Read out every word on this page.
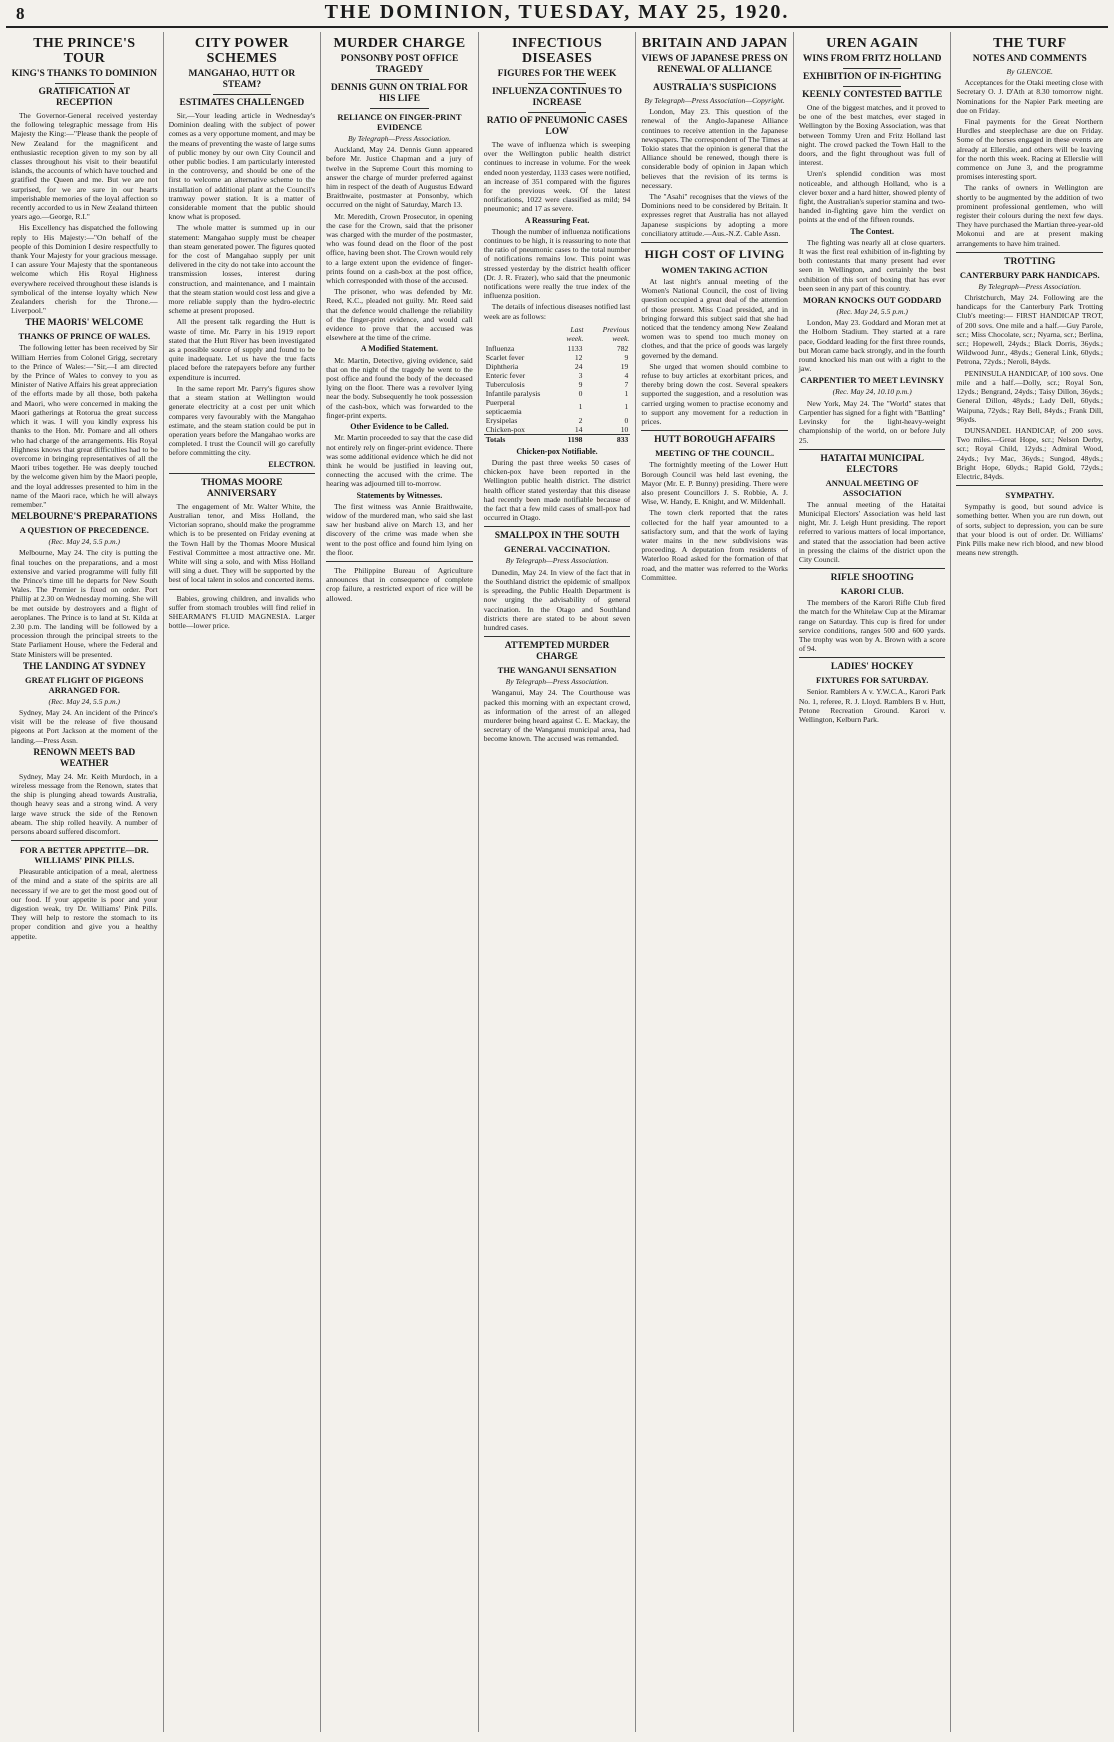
8	THE DOMINION, TUESDAY, MAY 25, 1920.
THE PRINCE'S TOUR
KING'S THANKS TO DOMINION
GRATIFICATION AT RECEPTION

The Governor-General received yesterday the following telegraphic message from His Majesty the King:—"Please thank the people of New Zealand for the magnificent and enthusiastic reception given to my son by all classes throughout his visit to their beautiful islands, the accounts of which have touched and gratified the Queen and me. But we are not surprised, for we are sure in our hearts imperishable memories of the loyal affection so recently accorded to us in New Zealand thirteen years ago.—George, R.I."

His Excellency has dispatched the following reply to His Majesty:—"On behalf of the people of this Dominion I desire respectfully to thank Your Majesty for your gracious message. I can assure Your Majesty that the spontaneous welcome which His Royal Highness everywhere received throughout these islands is symbolical of the intense loyalty which New Zealanders cherish for the Throne.—Liverpool."

THE MAORIS' WELCOME
THANKS OF PRINCE OF WALES.

The following letter has been received by Sir William Herries from Colonel Grigg, secretary to the Prince of Wales:—"Sir,—I am directed by the Prince of Wales to convey to you as Minister of Native Affairs his great appreciation of the efforts made by all those, both pakeha and Maori, who were concerned in making the Maori gatherings at Rotorua the great success which it was. I will you kindly express his thanks to the Hon. Mr. Pomare and all others who had charge of the arrangements. His Royal Highness knows that great difficulties had to be overcome in bringing representatives of all the Maori tribes together. He was deeply touched by the welcome given him by the Maori people, and the loyal addresses presented to him in the name of the Maori race, which he will always remember."

MELBOURNE'S PREPARATIONS
A QUESTION OF PRECEDENCE.
(Rec. May 24, 5.5 p.m.)

Melbourne, May 24. The city is putting the final touches on the preparations, and a most extensive and varied programme will fully fill the Prince's time till he departs for New South Wales. The Premier is fixed on order. Port Phillip at 2.30 on Wednesday morning. She will be met outside by destroyers and a flight of aeroplanes. The Prince is to land at St. Kilda at 2.30 p.m. The landing will be followed by a procession through the principal streets to the State Parliament House, where the Federal and State Ministers will be presented.

THE LANDING AT SYDNEY
GREAT FLIGHT OF PIGEONS ARRANGED FOR.
(Rec. May 24, 5.5 p.m.)

Sydney, May 24. An incident of the Prince's visit will be the release of five thousand pigeons at Port Jackson at the moment of the landing.—Press Assn.

RENOWN MEETS BAD WEATHER

Sydney, May 24. Mr. Keith Murdoch, in a wireless message from the Renown, states that the ship is plunging ahead towards Australia, though heavy seas and a strong wind. A very large wave struck the side of the Renown abeam. The ship rolled heavily. A number of persons aboard suffered discomfort.

FOR A BETTER APPETITE—DR. WILLIAMS' PINK PILLS.

Pleasurable anticipation of a meal, alertness of the mind and a state of the spirits are all necessary if we are to get the most good out of our food. If your appetite is poor and your digestion weak, try Dr. Williams' Pink Pills. They will help to restore the stomach to its proper condition and give you a healthy appetite.

CITY POWER SCHEMES
MANGAHAO, HUTT OR STEAM?
ESTIMATES CHALLENGED

Sir,—Your leading article in Wednesday's Dominion dealing with the subject of power comes as a very opportune moment, and may be the means of preventing the waste of large sums of public money by our own City Council and other public bodies. I am particularly interested in the controversy, and should be one of the first to welcome an alternative scheme to the installation of additional plant at the Council's tramway power station. It is a matter of considerable moment that the public should know what is proposed.

The whole matter is summed up in our statement: Mangahao supply must be cheaper than steam generated power. The figures quoted for the cost of Mangahao supply per unit delivered in the city do not take into account the transmission losses, interest during construction, and maintenance, and I maintain that the steam station would cost less and give a more reliable supply than the hydro-electric scheme at present proposed.

All the present talk regarding the Hutt is waste of time. Mr. Parry in his 1919 report stated that the Hutt River has been investigated as a possible source of supply and found to be quite inadequate. Let us have the true facts placed before the ratepayers before any further expenditure is incurred.

In the same report Mr. Parry's figures show that a steam station at Wellington would generate electricity at a cost per unit which compares very favourably with the Mangahao estimate, and the steam station could be put in operation years before the Mangahao works are completed. I trust the Council will go carefully before committing the city.

ELECTRON.
THOMAS MOORE ANNIVERSARY

The engagement of Mr. Walter White, the Australian tenor, and Miss Holland, the Victorian soprano, should make the programme which is to be presented on Friday evening at the Town Hall by the Thomas Moore Musical Festival Committee a most attractive one. Mr. White will sing a solo, and with Miss Holland will sing a duet. They will be supported by the best of local talent in solos and concerted items.

Babies, growing children, and invalids who suffer from stomach troubles will find relief in SHEARMAN'S FLUID MAGNESIA. Larger bottle—lower price.

MURDER CHARGE
PONSONBY POST OFFICE TRAGEDY
DENNIS GUNN ON TRIAL FOR HIS LIFE
RELIANCE ON FINGER-PRINT EVIDENCE
By Telegraph—Press Association.

Auckland, May 24. Dennis Gunn appeared before Mr. Justice Chapman and a jury of twelve in the Supreme Court this morning to answer the charge of murder preferred against him in respect of the death of Augustus Edward Braithwaite, postmaster at Ponsonby, which occurred on the night of Saturday, March 13.

Mr. Meredith, Crown Prosecutor, in opening the case for the Crown, said that the prisoner was charged with the murder of the postmaster, who was found dead on the floor of the post office, having been shot. The Crown would rely to a large extent upon the evidence of finger-prints found on a cash-box at the post office, which corresponded with those of the accused.

The prisoner, who was defended by Mr. Reed, K.C., pleaded not guilty. Mr. Reed said that the defence would challenge the reliability of the finger-print evidence, and would call evidence to prove that the accused was elsewhere at the time of the crime.

A Modified Statement.

Mr. Martin, Detective, giving evidence, said that on the night of the tragedy he went to the post office and found the body of the deceased lying on the floor. There was a revolver lying near the body. Subsequently he took possession of the cash-box, which was forwarded to the finger-print experts.

Other Evidence to be Called.

Mr. Martin proceeded to say that the case did not entirely rely on finger-print evidence. There was some additional evidence which he did not think he would be justified in leaving out, connecting the accused with the crime. The hearing was adjourned till to-morrow.

Statements by Witnesses.

The first witness was Annie Braithwaite, widow of the murdered man, who said she last saw her husband alive on March 13, and her discovery of the crime was made when she went to the post office and found him lying on the floor.

The Philippine Bureau of Agriculture announces that in consequence of complete crop failure, a restricted export of rice will be allowed.

INFECTIOUS DISEASES
FIGURES FOR THE WEEK
INFLUENZA CONTINUES TO INCREASE
RATIO OF PNEUMONIC CASES LOW

The wave of influenza which is sweeping over the Wellington public health district continues to increase in volume. For the week ended noon yesterday, 1133 cases were notified, an increase of 351 compared with the figures for the previous week. Of the latest notifications, 1022 were classified as mild; 94 pneumonic; and 17 as severe.

A Reassuring Feat.

Though the number of influenza notifications continues to be high, it is reassuring to note that the ratio of pneumonic cases to the total number of notifications remains low. This point was stressed yesterday by the district health officer (Dr. J. R. Frazer), who said that the pneumonic notifications were really the true index of the influenza position.

The details of infectious diseases notified last week are as follows:

	Last week.	Previous week.
Influenza	1133	782
Scarlet fever	12	9
Diphtheria	24	19
Enteric fever	3	4
Tuberculosis	9	7
Infantile paralysis	0	1
Puerperal septicaemia	1	1
Erysipelas	2	0
Chicken-pox	14	10
Totals	1198	833
Chicken-pox Notifiable.

During the past three weeks 50 cases of chicken-pox have been reported in the Wellington public health district. The district health officer stated yesterday that this disease had recently been made notifiable because of the fact that a few mild cases of small-pox had occurred in Otago.

SMALLPOX IN THE SOUTH
GENERAL VACCINATION.
By Telegraph—Press Association.

Dunedin, May 24. In view of the fact that in the Southland district the epidemic of smallpox is spreading, the Public Health Department is now urging the advisability of general vaccination. In the Otago and Southland districts there are stated to be about seven hundred cases.

ATTEMPTED MURDER CHARGE
THE WANGANUI SENSATION
By Telegraph—Press Association.

Wanganui, May 24. The Courthouse was packed this morning with an expectant crowd, as information of the arrest of an alleged murderer being heard against C. E. Mackay, the secretary of the Wanganui municipal area, had become known. The accused was remanded.

BRITAIN AND JAPAN
VIEWS OF JAPANESE PRESS ON RENEWAL OF ALLIANCE
AUSTRALIA'S SUSPICIONS
By Telegraph—Press Association—Copyright.

London, May 23. This question of the renewal of the Anglo-Japanese Alliance continues to receive attention in the Japanese newspapers. The correspondent of The Times at Tokio states that the opinion is general that the Alliance should be renewed, though there is considerable body of opinion in Japan which believes that the revision of its terms is necessary.

The "Asahi" recognises that the views of the Dominions need to be considered by Britain. It expresses regret that Australia has not allayed Japanese suspicions by adopting a more conciliatory attitude.—Aus.-N.Z. Cable Assn.

HIGH COST OF LIVING
WOMEN TAKING ACTION

At last night's annual meeting of the Women's National Council, the cost of living question occupied a great deal of the attention of those present. Miss Coad presided, and in bringing forward this subject said that she had noticed that the tendency among New Zealand women was to spend too much money on clothes, and that the price of goods was largely governed by the demand.

She urged that women should combine to refuse to buy articles at exorbitant prices, and thereby bring down the cost. Several speakers supported the suggestion, and a resolution was carried urging women to practise economy and to support any movement for a reduction in prices.

HUTT BOROUGH AFFAIRS
MEETING OF THE COUNCIL.

The fortnightly meeting of the Lower Hutt Borough Council was held last evening, the Mayor (Mr. E. P. Bunny) presiding. There were also present Councillors J. S. Robbie, A. J. Wise, W. Handy, E. Knight, and W. Mildenhall.

The town clerk reported that the rates collected for the half year amounted to a satisfactory sum, and that the work of laying water mains in the new subdivisions was proceeding. A deputation from residents of Waterloo Road asked for the formation of that road, and the matter was referred to the Works Committee.

UREN AGAIN
WINS FROM FRITZ HOLLAND
EXHIBITION OF IN-FIGHTING
KEENLY CONTESTED BATTLE

One of the biggest matches, and it proved to be one of the best matches, ever staged in Wellington by the Boxing Association, was that between Tommy Uren and Fritz Holland last night. The crowd packed the Town Hall to the doors, and the fight throughout was full of interest.

Uren's splendid condition was most noticeable, and although Holland, who is a clever boxer and a hard hitter, showed plenty of fight, the Australian's superior stamina and two-handed in-fighting gave him the verdict on points at the end of the fifteen rounds.

The Contest.

The fighting was nearly all at close quarters. It was the first real exhibition of in-fighting by both contestants that many present had ever seen in Wellington, and certainly the best exhibition of this sort of boxing that has ever been seen in any part of this country.

MORAN KNOCKS OUT GODDARD
(Rec. May 24, 5.5 p.m.)

London, May 23. Goddard and Moran met at the Holborn Stadium. They started at a rare pace, Goddard leading for the first three rounds, but Moran came back strongly, and in the fourth round knocked his man out with a right to the jaw.

CARPENTIER TO MEET LEVINSKY
(Rec. May 24, 10.10 p.m.)

New York, May 24. The "World" states that Carpentier has signed for a fight with "Battling" Levinsky for the light-heavy-weight championship of the world, on or before July 25.

HATAITAI MUNICIPAL ELECTORS
ANNUAL MEETING OF ASSOCIATION

The annual meeting of the Hataitai Municipal Electors' Association was held last night, Mr. J. Leigh Hunt presiding. The report referred to various matters of local importance, and stated that the association had been active in pressing the claims of the district upon the City Council.

RIFLE SHOOTING
KARORI CLUB.

The members of the Karori Rifle Club fired the match for the Whitelaw Cup at the Miramar range on Saturday. This cup is fired for under service conditions, ranges 500 and 600 yards. The trophy was won by A. Brown with a score of 94.

LADIES' HOCKEY
FIXTURES FOR SATURDAY.

Senior. Ramblers A v. Y.W.C.A., Karori Park No. 1, referee, R. J. Lloyd. Ramblers B v. Hutt, Petone Recreation Ground. Karori v. Wellington, Kelburn Park.

THE TURF
NOTES AND COMMENTS
By GLENCOE.

Acceptances for the Otaki meeting close with Secretary O. J. D'Ath at 8.30 tomorrow night. Nominations for the Napier Park meeting are due on Friday.

Final payments for the Great Northern Hurdles and steeplechase are due on Friday. Some of the horses engaged in these events are already at Ellerslie, and others will be leaving for the north this week. Racing at Ellerslie will commence on June 3, and the programme promises interesting sport.

The ranks of owners in Wellington are shortly to be augmented by the addition of two prominent professional gentlemen, who will register their colours during the next few days. They have purchased the Martian three-year-old Mokonui and are at present making arrangements to have him trained.

TROTTING
CANTERBURY PARK HANDICAPS.
By Telegraph—Press Association.

Christchurch, May 24. Following are the handicaps for the Canterbury Park Trotting Club's meeting:— FIRST HANDICAP TROT, of 200 sovs. One mile and a half.—Guy Parole, scr.; Miss Chocolate, scr.; Nyarna, scr.; Berlina, scr.; Hopewell, 24yds.; Black Dorris, 36yds.; Wildwood Junr., 48yds.; General Link, 60yds.; Petrona, 72yds.; Neroli, 84yds.

PENINSULA HANDICAP, of 100 sovs. One mile and a half.—Dolly, scr.; Royal Son, 12yds.; Bengrand, 24yds.; Taisy Dillon, 36yds.; General Dillon, 48yds.; Lady Dell, 60yds.; Waipuna, 72yds.; Ray Bell, 84yds.; Frank Dill, 96yds.

DUNSANDEL HANDICAP, of 200 sovs. Two miles.—Great Hope, scr.; Nelson Derby, scr.; Royal Child, 12yds.; Admiral Wood, 24yds.; Ivy Mac, 36yds.; Sungod, 48yds.; Bright Hope, 60yds.; Rapid Gold, 72yds.; Electric, 84yds.

SYMPATHY.

Sympathy is good, but sound advice is something better. When you are run down, out of sorts, subject to depression, you can be sure that your blood is out of order. Dr. Williams' Pink Pills make new rich blood, and new blood means new strength.
